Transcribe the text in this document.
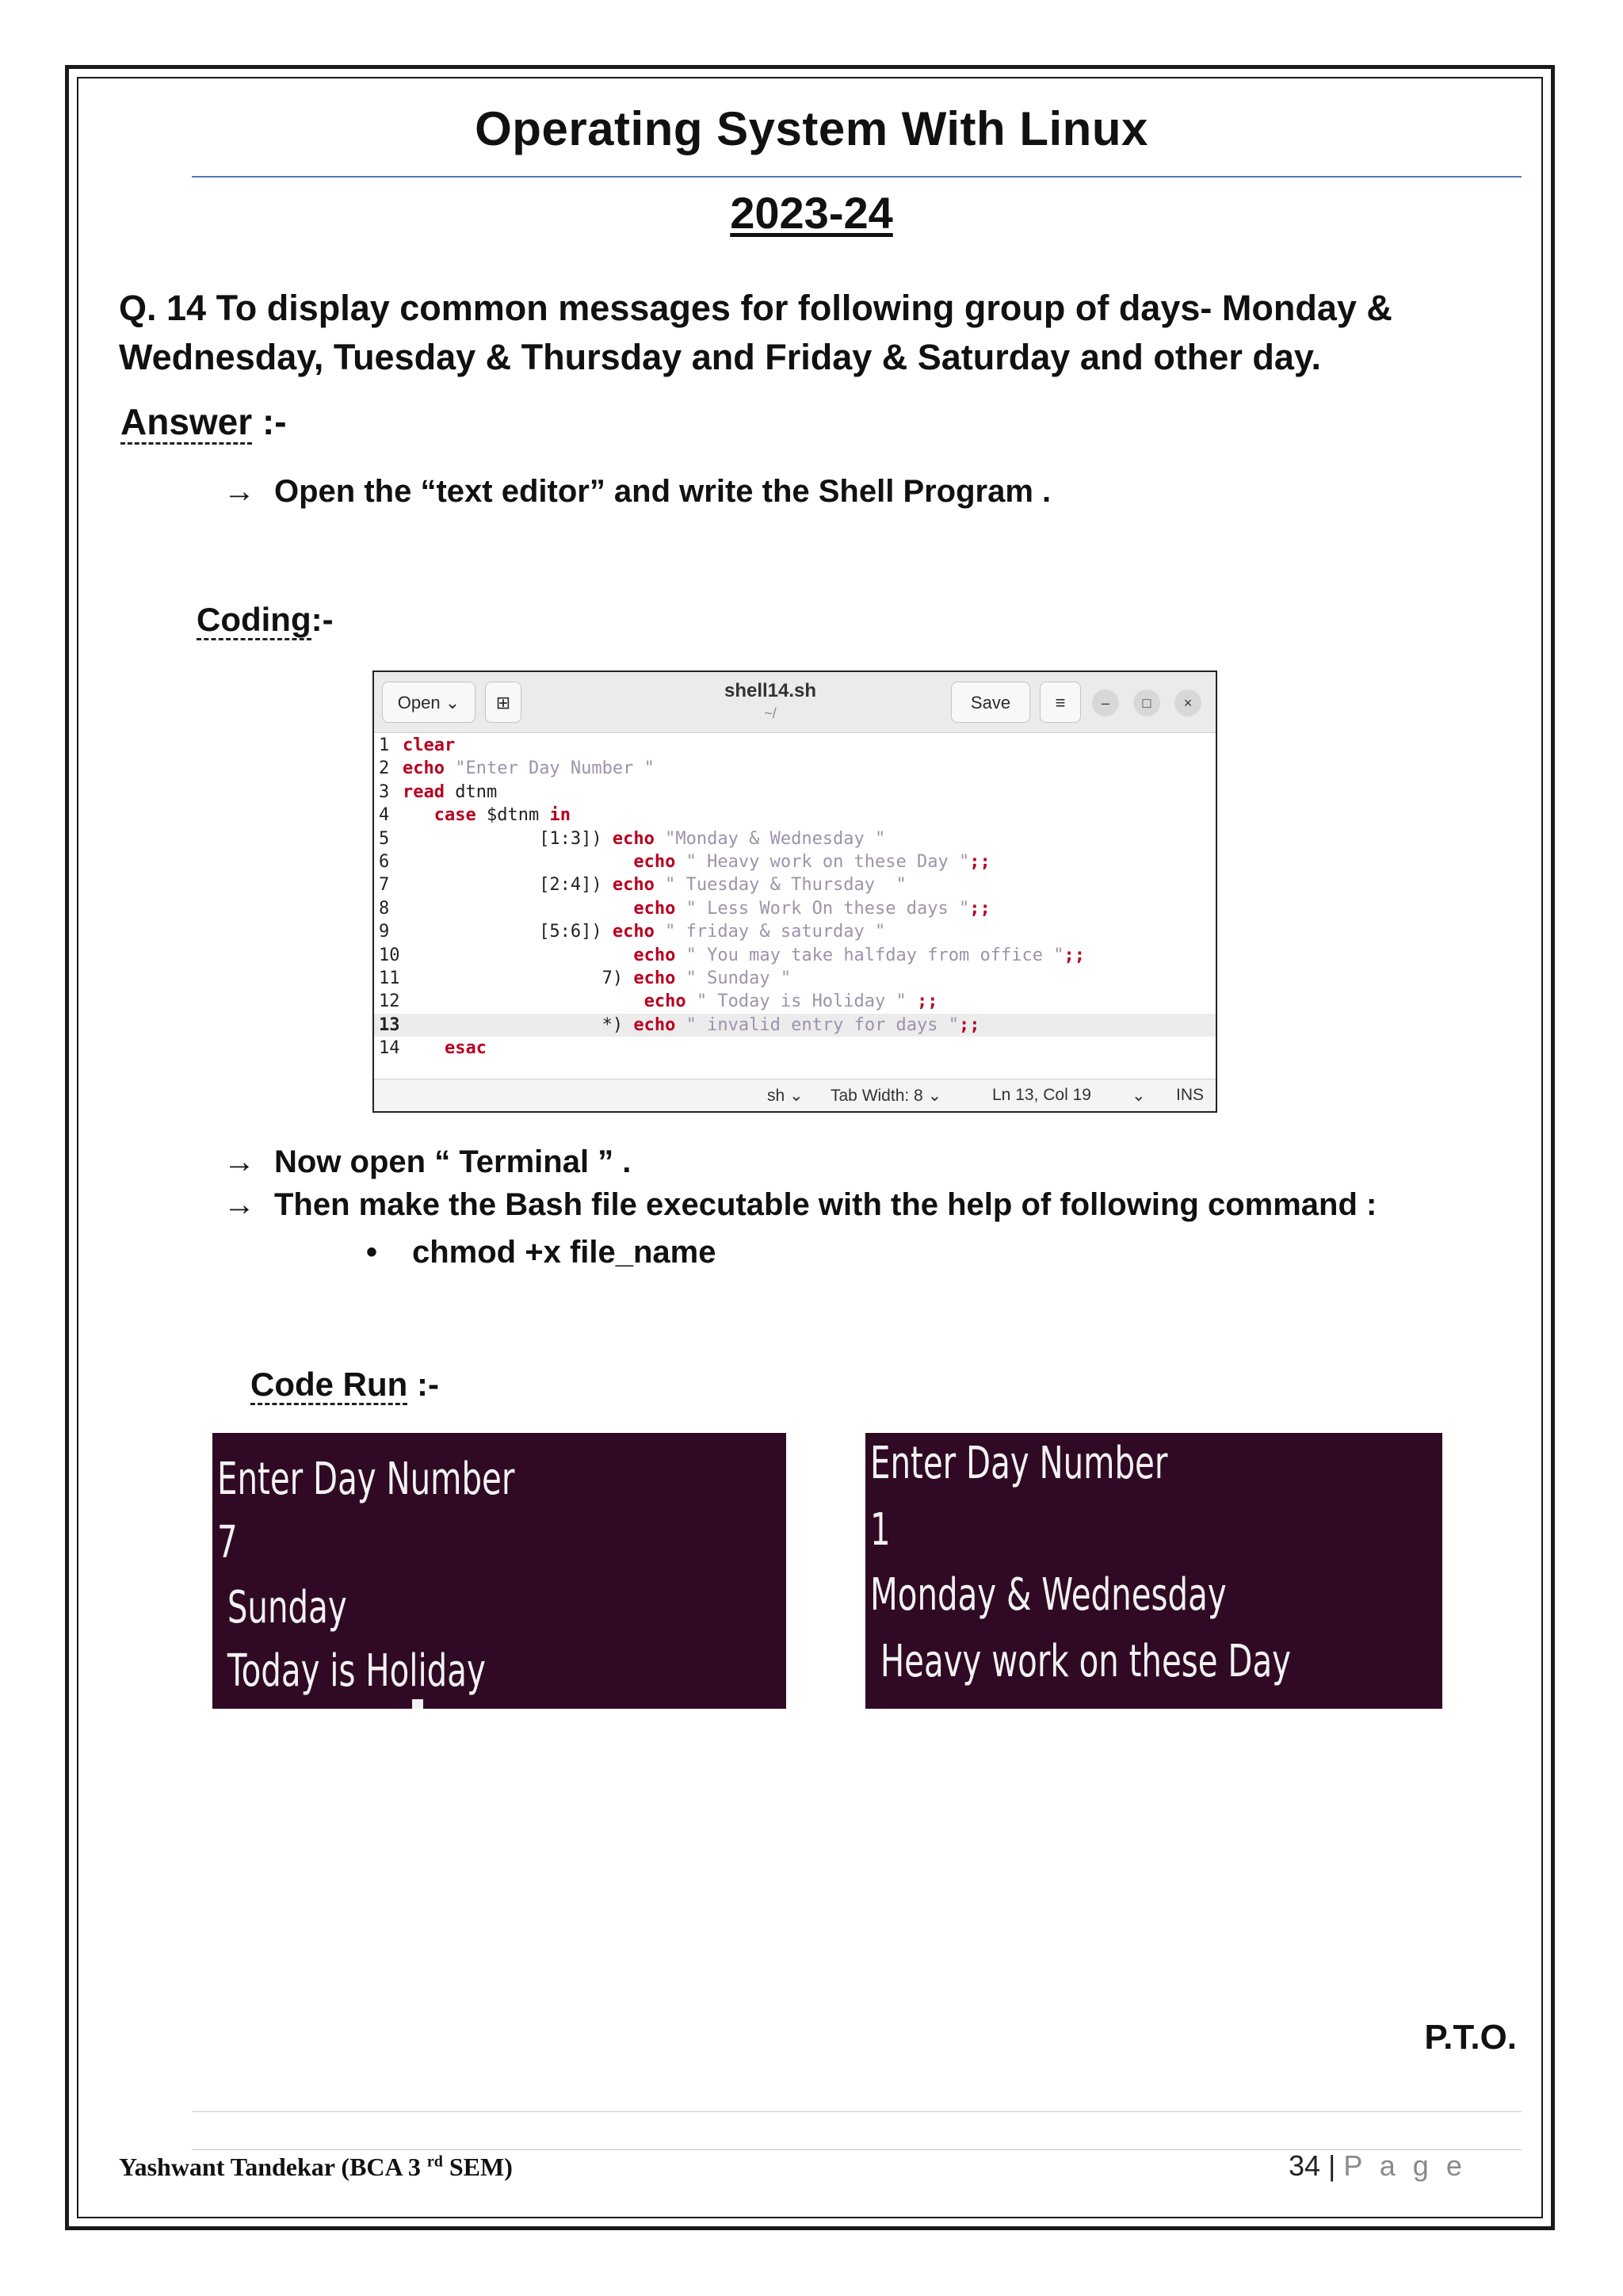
Operating System With Linux
2023-24
Q. 14 To display common messages for following group of days- Monday & Wednesday, Tuesday & Thursday and Friday & Saturday and other day.
Answer :-
→ Open the “text editor” and write the Shell Program .
Coding:-
Open ⌄	⊞
shell14.sh
~/
Save	≡	–	□	×
1 clear
2 echo "Enter Day Number "
3 read dtnm
4	case $dtnm in
5	[1:3]) echo "Monday & Wednesday "
6	echo " Heavy work on these Day ";;
7	[2:4]) echo " Tuesday & Thursday  "
8	echo " Less Work On these days ";;
9	[5:6]) echo " friday & saturday "
10	echo " You may take halfday from office ";;
11	7) echo " Sunday "
12	echo " Today is Holiday " ;;
13	*) echo " invalid entry for days ";;
14	esac
sh ⌄ Tab Width: 8 ⌄	Ln 13, Col 19 ⌄ INS
→ Now open “ Terminal ” .
→ Then make the Bash file executable with the help of following command :
• chmod +x file_name
Code Run :-
Enter Day Number
7
Sunday
Today is Holiday
Enter Day Number
1
Monday & Wednesday
Heavy work on these Day
P.T.O.
Yashwant Tandekar (BCA 3 $^{rd}$ SEM)	34 | P a g e
